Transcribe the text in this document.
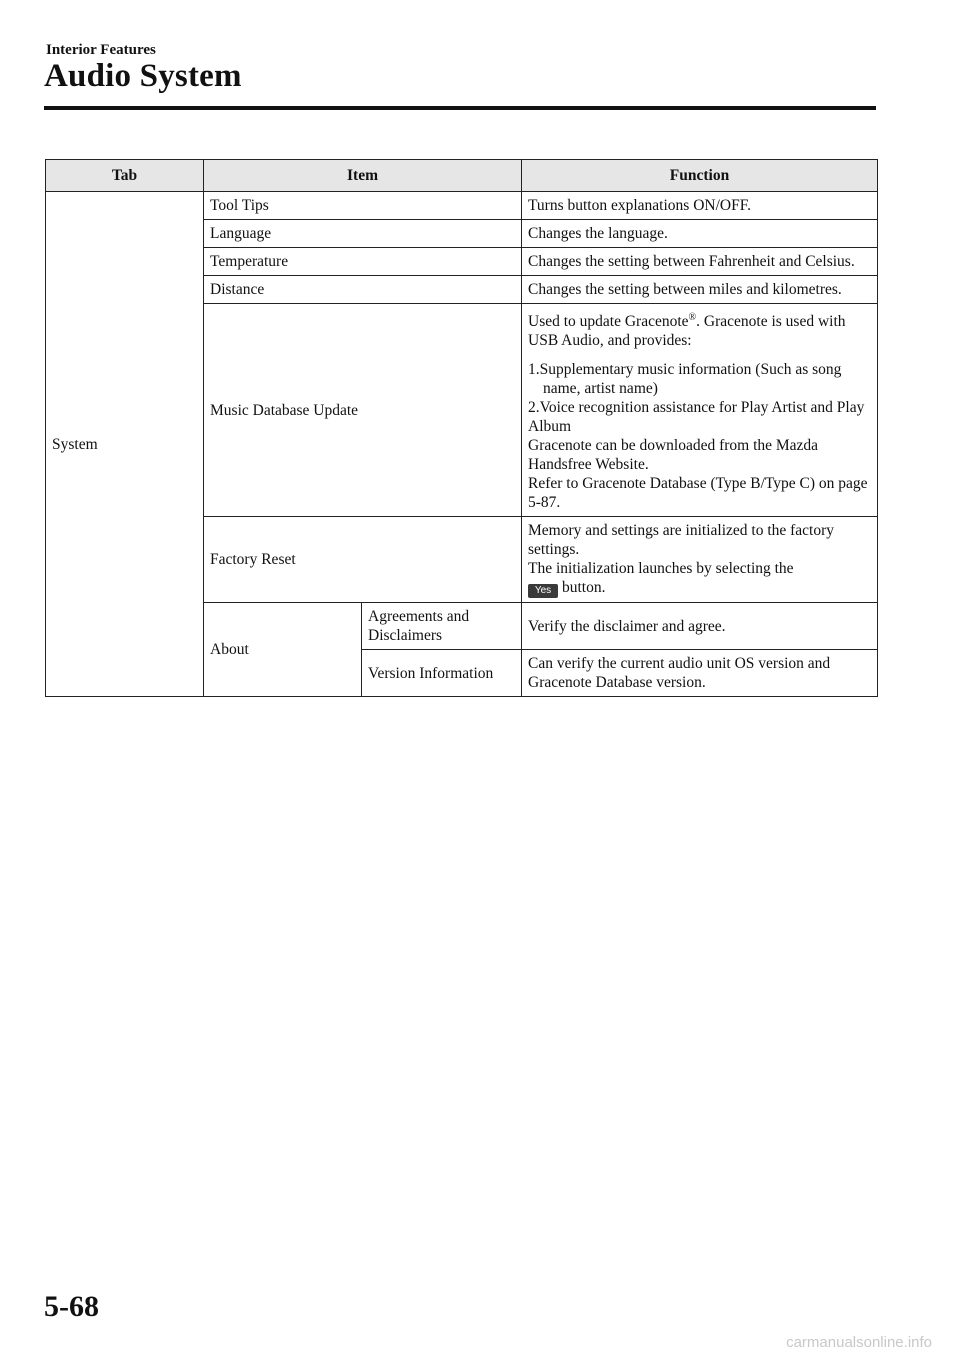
Interior Features
Audio System
Tab	Item		Function
System	Tool Tips		Turns button explanations ON/OFF.
	Language		Changes the language.
	Temperature		Changes the setting between Fahrenheit and Celsius.
	Distance		Changes the setting between miles and kilometres.
	Music Database Update		Used to update Gracenote®. Gracenote is used with USB Audio, and provides:

1.Supplementary music information (Such as song name, artist name)

2.Voice recognition assistance for Play Artist and Play Album

Gracenote can be downloaded from the Mazda Handsfree Website.

Refer to Gracenote Database (Type B/Type C) on page 5-87.

	Factory Reset		Memory and settings are initialized to the factory settings.

The initialization launches by selecting the

Yes button.

	About	Agreements and Disclaimers	Verify the disclaimer and agree.
		Version Information	Can verify the current audio unit OS version and Gracenote Database version.
5-68
carmanualsonline.info
